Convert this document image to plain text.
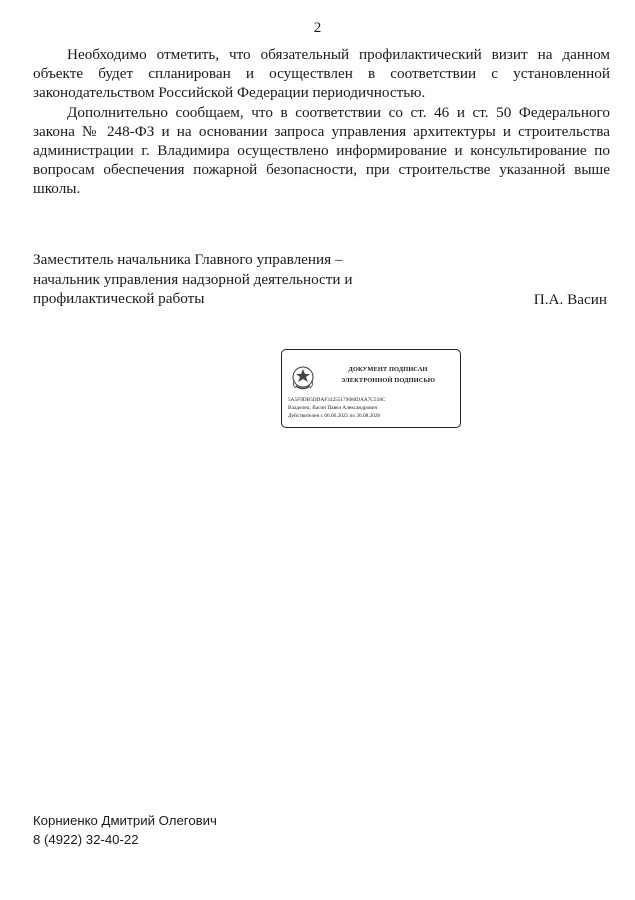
2

Необходимо отметить, что обязательный профилактический визит на данном объекте будет спланирован и осуществлен в соответствии с установленной законодательством Российской Федерации периодичностью.

Дополнительно сообщаем, что в соответствии со ст. 46 и ст. 50 Федерального закона № 248-ФЗ и на основании запроса управления архитектуры и строительства администрации г. Владимира осуществлено информирование и консультирование по вопросам обеспечения пожарной безопасности, при строительстве указанной выше школы.

Заместитель начальника Главного управления –
начальник управления надзорной деятельности и
профилактической работы	П.А. Васин
ДОКУМЕНТ ПОДПИСАН
ЭЛЕКТРОННОЙ ПОДПИСЬЮ
5A5F9DB5DDAF33255179680DAA7C518C
Владелец: Васин Павел Александрович
Действителен с 06.06.2025 по 30.08.2026
Корниенко Дмитрий Олегович
8 (4922) 32-40-22
